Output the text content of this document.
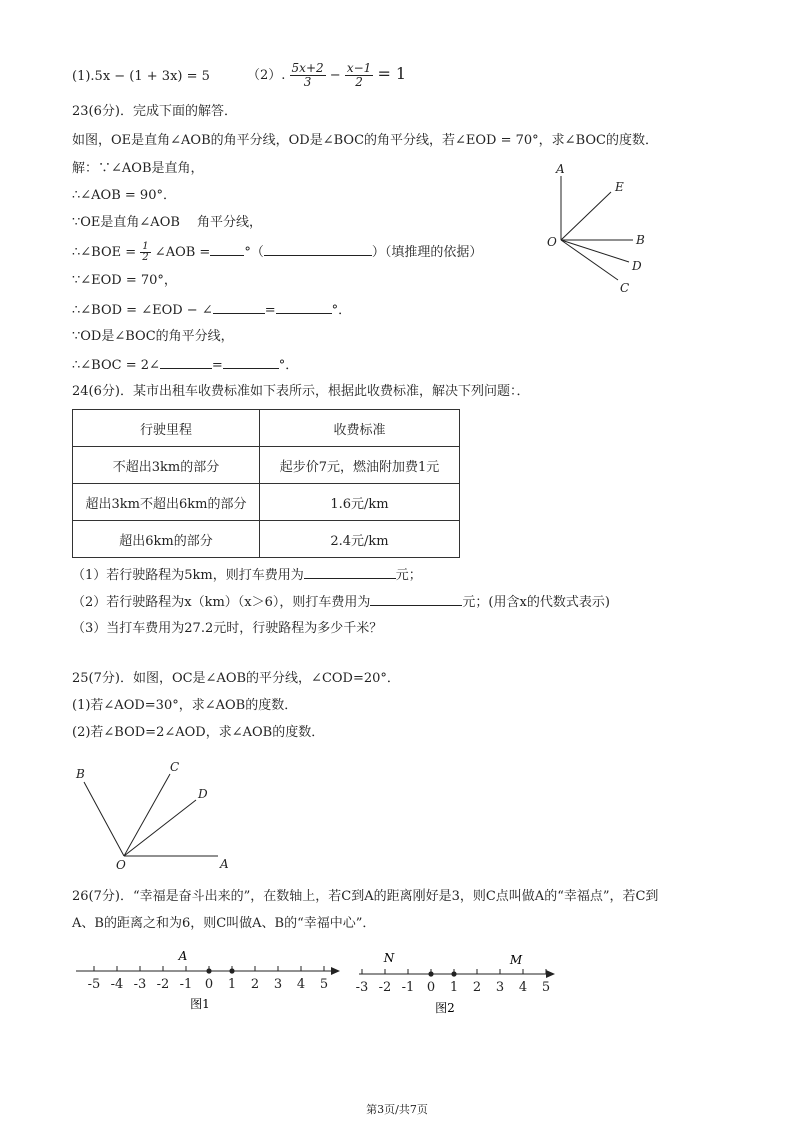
(1).5x − (1 + 3x) = 5	（2）. $\frac{5x+2}{3} - \frac{x-1}{2} = 1$
23(6分)．完成下面的解答．
如图，OE是直角∠AOB的角平分线，OD是∠BOC的角平分线，若∠EOD = 70°，求∠BOC的度数．
解：∵∠AOB是直角，
∴∠AOB = 90°．
∵OE是直角∠AOB　 角平分线，
∴∠BOE = $\frac{1}{2}$ ∠AOB =	°（	）（填推理的依据）
∵∠EOD = 70°，
∴∠BOD = ∠EOD − ∠	=	°．
∵OD是∠BOC的角平分线，
∴∠BOC = 2∠	=	°．
A
E
O	B
D
C
24(6分)．某市出租车收费标准如下表所示，根据此收费标准，解决下列问题：．
行驶里程	收费标准
不超出3km的部分	起步价7元，燃油附加费1元
超出3km不超出6km的部分	1.6元/km
超出6km的部分	2.4元/km
（1）若行驶路程为5km，则打车费用为	元；
（2）若行驶路程为x（km）（x＞6），则打车费用为	元；(用含x的代数式表示)
（3）当打车费用为27.2元时，行驶路程为多少千米？
25(7分)．如图，OC是∠AOB的平分线，∠COD=20°．
(1)若∠AOD=30°，求∠AOB的度数．
(2)若∠BOD=2∠AOD，求∠AOB的度数．
B	C
D
O	A
26(7分)．“幸福是奋斗出来的”，在数轴上，若C到A的距离刚好是3，则C点叫做A的“幸福点”，若C到
A、B的距离之和为6，则C叫做A、B的“幸福中心”．
-5 -4 -3 -2 -1 0 1 2 3 4 5
A
图1
-3 -2 -1 0 1 2 3 4 5
N	M
图2
第3页/共7页
